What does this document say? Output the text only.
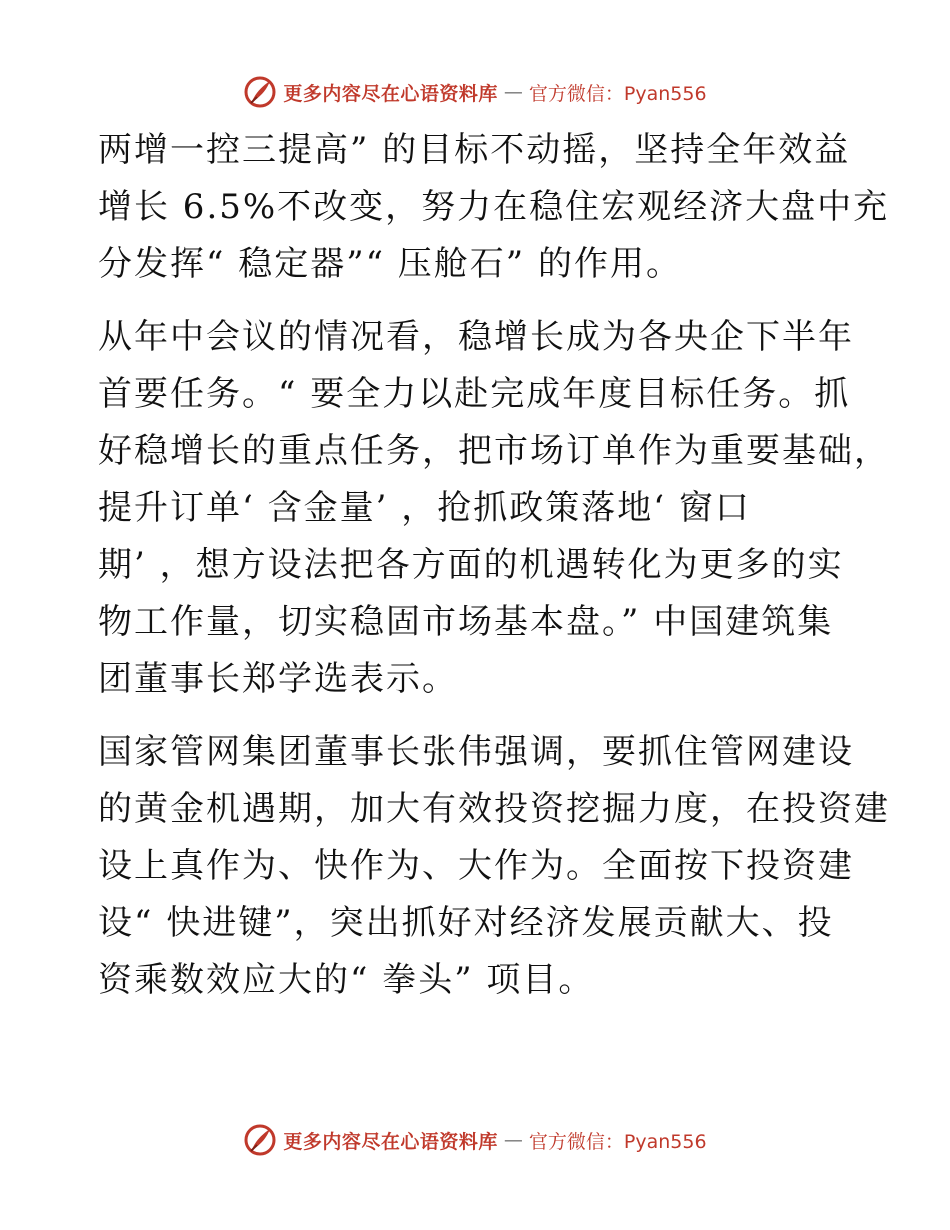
更多内容尽在心语资料库 — 官方微信：Pyan556

两增一控三提高” 的目标不动摇，坚持全年效益
增长 6.5%不改变，努力在稳住宏观经济大盘中充
分发挥“ 稳定器”“ 压舱石” 的作用。

从年中会议的情况看，稳增长成为各央企下半年
首要任务。“ 要全力以赴完成年度目标任务。抓
好稳增长的重点任务，把市场订单作为重要基础，
提升订单‘ 含金量’ ，抢抓政策落地‘ 窗口
期’ ，想方设法把各方面的机遇转化为更多的实
物工作量，切实稳固市场基本盘。” 中国建筑集
团董事长郑学选表示。

国家管网集团董事长张伟强调，要抓住管网建设
的黄金机遇期，加大有效投资挖掘力度，在投资建
设上真作为、快作为、大作为。全面按下投资建
设“ 快进键”，突出抓好对经济发展贡献大、投
资乘数效应大的“ 拳头” 项目。

更多内容尽在心语资料库 — 官方微信：Pyan556
